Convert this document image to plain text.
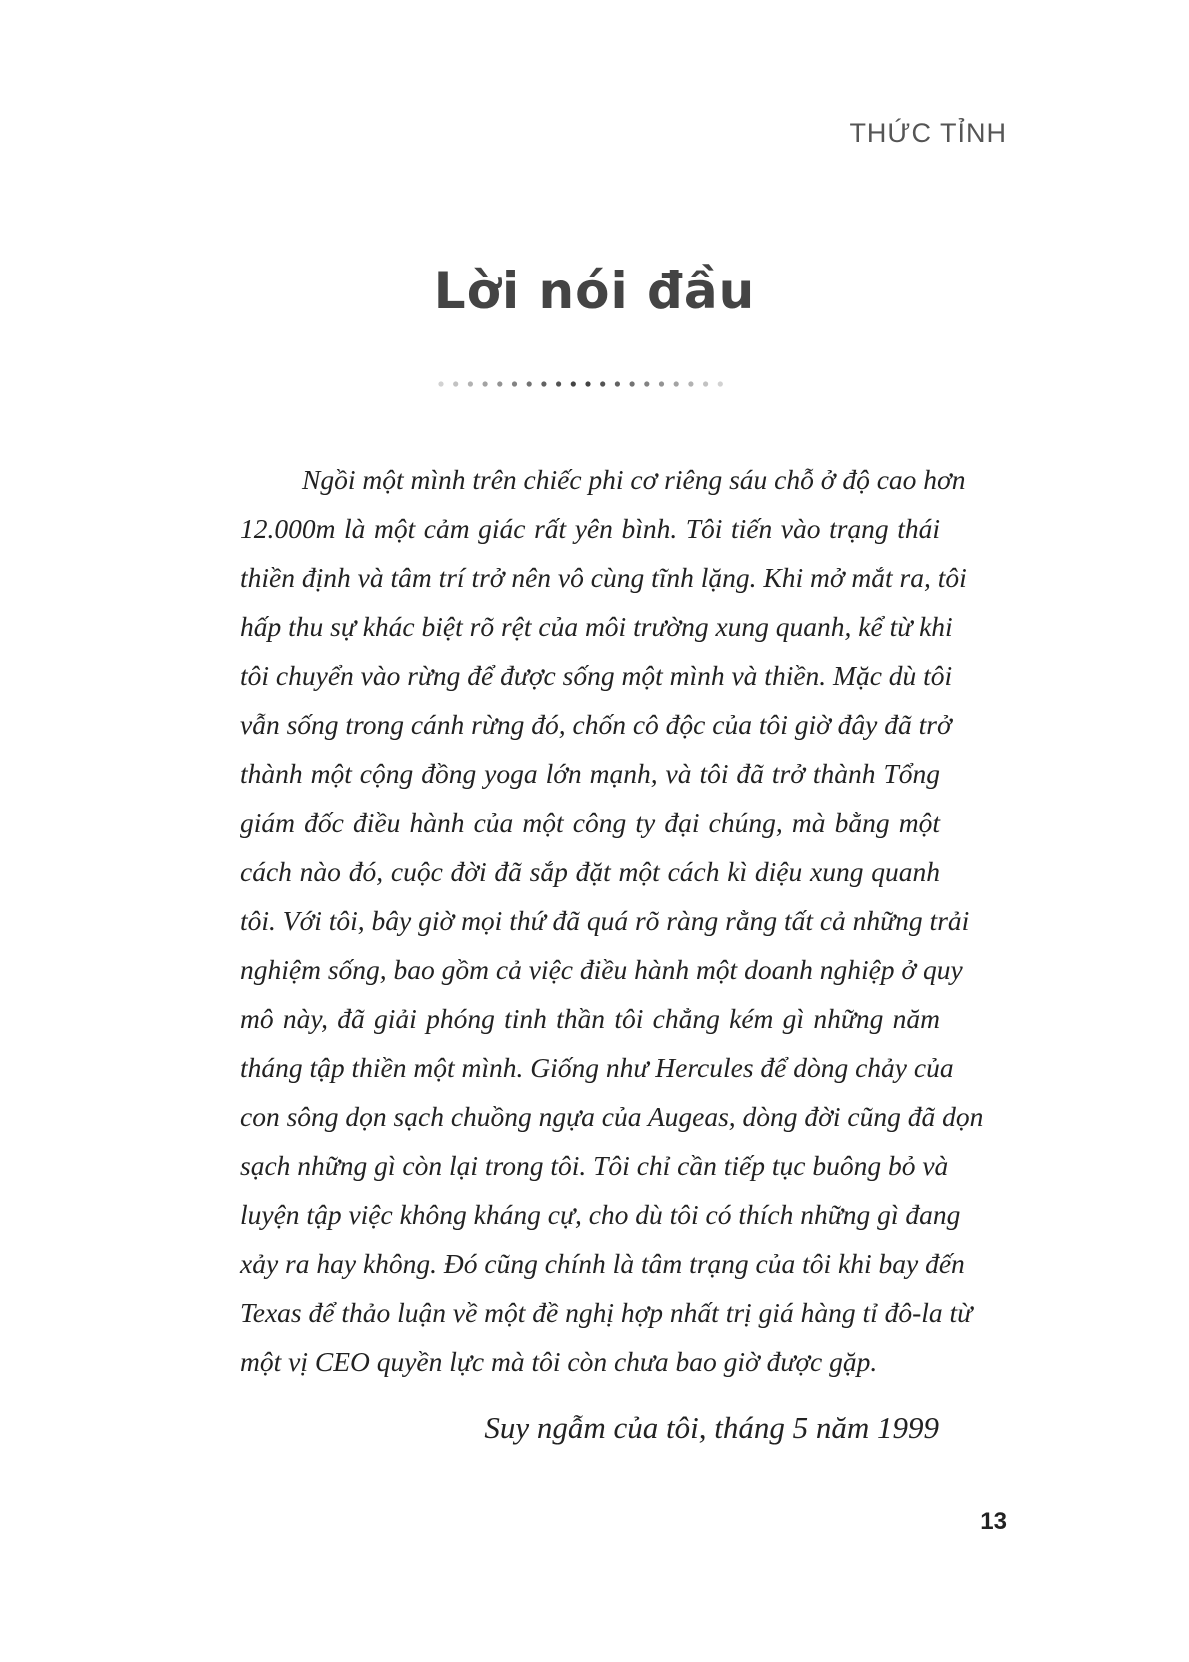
THỨC TỈNH
Lời nói đầu
Ngồi một mình trên chiếc phi cơ riêng sáu chỗ ở độ cao hơn
12.000m là một cảm giác rất yên bình. Tôi tiến vào trạng thái
thiền định và tâm trí trở nên vô cùng tĩnh lặng. Khi mở mắt ra, tôi
hấp thu sự khác biệt rõ rệt của môi trường xung quanh, kể từ khi
tôi chuyển vào rừng để được sống một mình và thiền. Mặc dù tôi
vẫn sống trong cánh rừng đó, chốn cô độc của tôi giờ đây đã trở
thành một cộng đồng yoga lớn mạnh, và tôi đã trở thành Tổng
giám đốc điều hành của một công ty đại chúng, mà bằng một
cách nào đó, cuộc đời đã sắp đặt một cách kì diệu xung quanh
tôi. Với tôi, bây giờ mọi thứ đã quá rõ ràng rằng tất cả những trải
nghiệm sống, bao gồm cả việc điều hành một doanh nghiệp ở quy
mô này, đã giải phóng tinh thần tôi chẳng kém gì những năm
tháng tập thiền một mình. Giống như Hercules để dòng chảy của
con sông dọn sạch chuồng ngựa của Augeas, dòng đời cũng đã dọn
sạch những gì còn lại trong tôi. Tôi chỉ cần tiếp tục buông bỏ và
luyện tập việc không kháng cự, cho dù tôi có thích những gì đang
xảy ra hay không. Đó cũng chính là tâm trạng của tôi khi bay đến
Texas để thảo luận về một đề nghị hợp nhất trị giá hàng tỉ đô-la từ
một vị CEO quyền lực mà tôi còn chưa bao giờ được gặp.
Suy ngẫm của tôi, tháng 5 năm 1999
13
